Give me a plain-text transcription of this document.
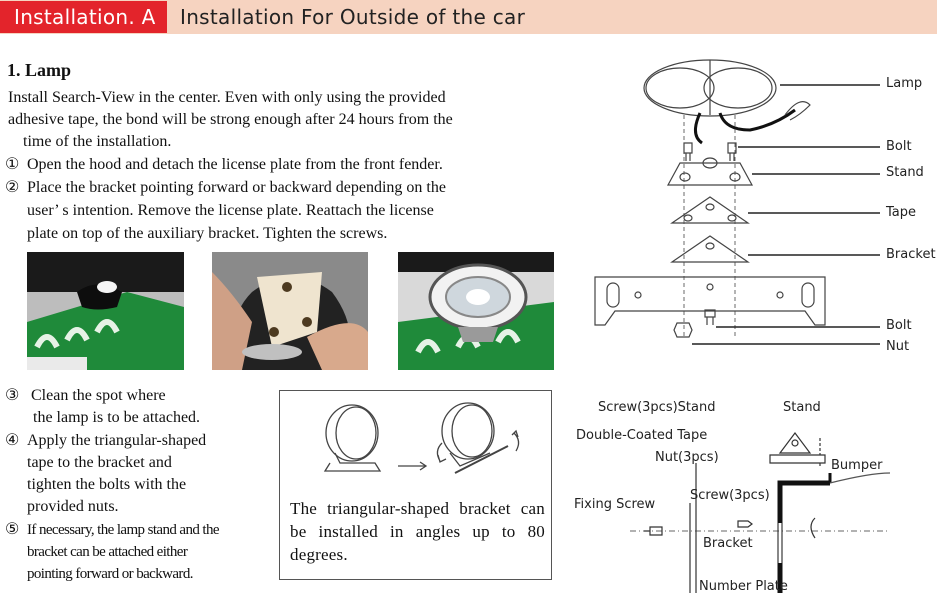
Installation. A	Installation For Outside of the car
1. Lamp
Install Search-View in the center. Even with only using the provided
adhesive tape, the bond will be strong enough after 24 hours from the
time of the installation.
① Open the hood and detach the license plate from the front fender.
② Place the bracket pointing forward or backward depending on the
user’ s intention. Remove the license plate. Reattach the license
plate on top of the auxiliary bracket. Tighten the screws.
③ Clean the spot where
the lamp is to be attached.
④ Apply the triangular-shaped
tape to the bracket and
tighten the bolts with the
provided nuts.
⑤ If necessary, the lamp stand and the
bracket can be attached either
pointing forward or backward.
The triangular-shaped bracket can be installed in angles up to 80 degrees.
Lamp
Bolt
Stand
Tape
Bracket
Bolt
Nut
Screw(3pcs)Stand	Stand
Double-Coated Tape
Nut(3pcs)
Bumper
Fixing Screw
Screw(3pcs)
Bracket
Number Plate
